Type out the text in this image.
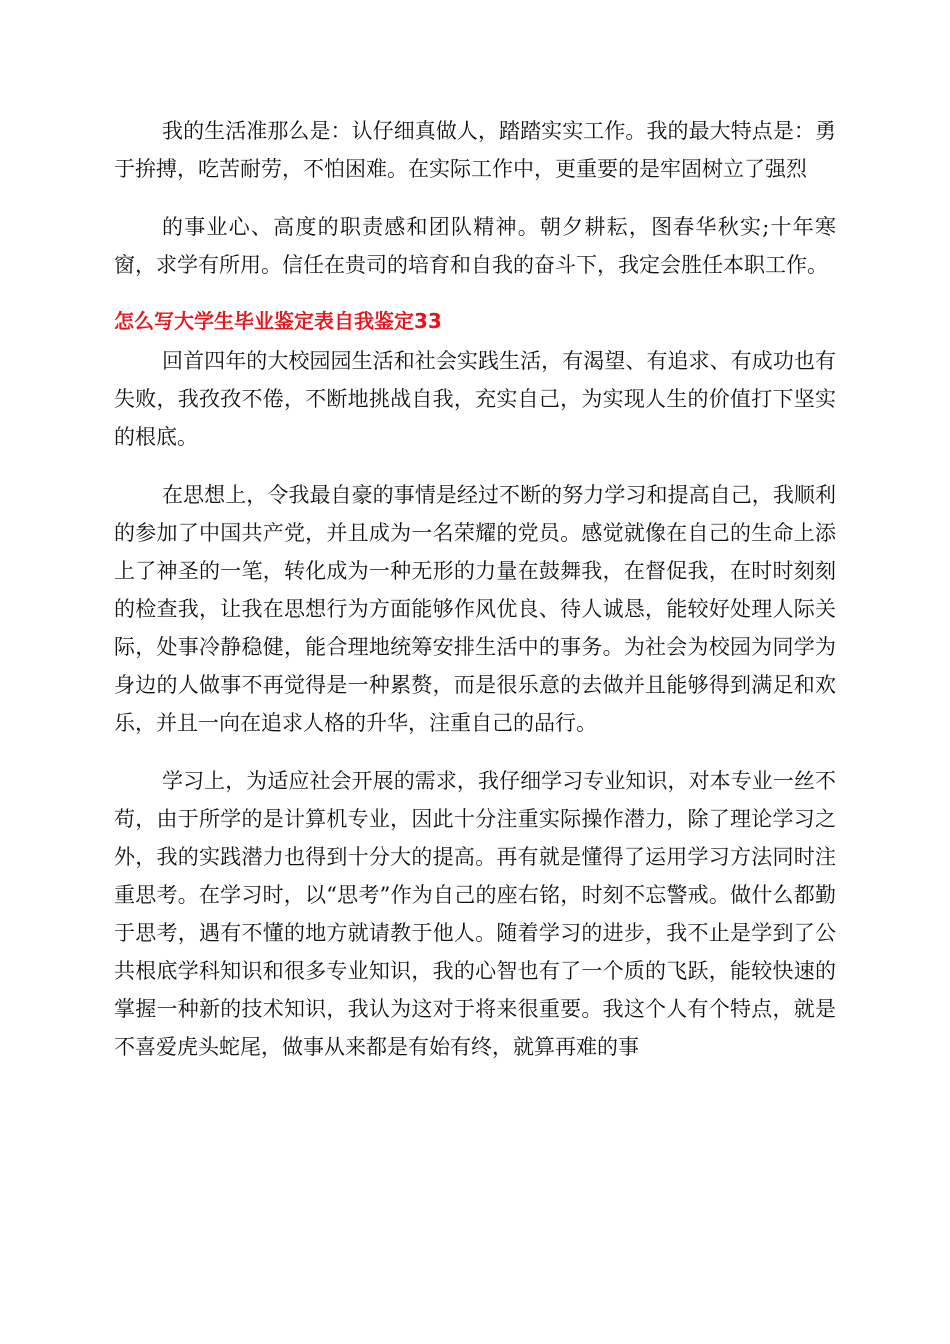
我的生活准那么是：认仔细真做人，踏踏实实工作。我的最大特点是：勇于拚搏，吃苦耐劳，不怕困难。在实际工作中，更重要的是牢固树立了强烈

的事业心、高度的职责感和团队精神。朝夕耕耘，图春华秋实;十年寒窗，求学有所用。信任在贵司的培育和自我的奋斗下，我定会胜任本职工作。

怎么写大学生毕业鉴定表自我鉴定33

回首四年的大校园园生活和社会实践生活，有渴望、有追求、有成功也有失败，我孜孜不倦，不断地挑战自我，充实自己，为实现人生的价值打下坚实的根底。

在思想上，令我最自豪的事情是经过不断的努力学习和提高自己，我顺利的参加了中国共产党，并且成为一名荣耀的党员。感觉就像在自己的生命上添上了神圣的一笔，转化成为一种无形的力量在鼓舞我，在督促我，在时时刻刻的检查我，让我在思想行为方面能够作风优良、待人诚恳，能较好处理人际关际，处事冷静稳健，能合理地统筹安排生活中的事务。为社会为校园为同学为身边的人做事不再觉得是一种累赘，而是很乐意的去做并且能够得到满足和欢乐，并且一向在追求人格的升华，注重自己的品行。

学习上，为适应社会开展的需求，我仔细学习专业知识，对本专业一丝不苟，由于所学的是计算机专业，因此十分注重实际操作潜力，除了理论学习之外，我的实践潜力也得到十分大的提高。再有就是懂得了运用学习方法同时注重思考。在学习时，以“思考”作为自己的座右铭，时刻不忘警戒。做什么都勤于思考，遇有不懂的地方就请教于他人。随着学习的进步，我不止是学到了公共根底学科知识和很多专业知识，我的心智也有了一个质的飞跃，能较快速的掌握一种新的技术知识，我认为这对于将来很重要。我这个人有个特点，就是不喜爱虎头蛇尾，做事从来都是有始有终，就算再难的事
